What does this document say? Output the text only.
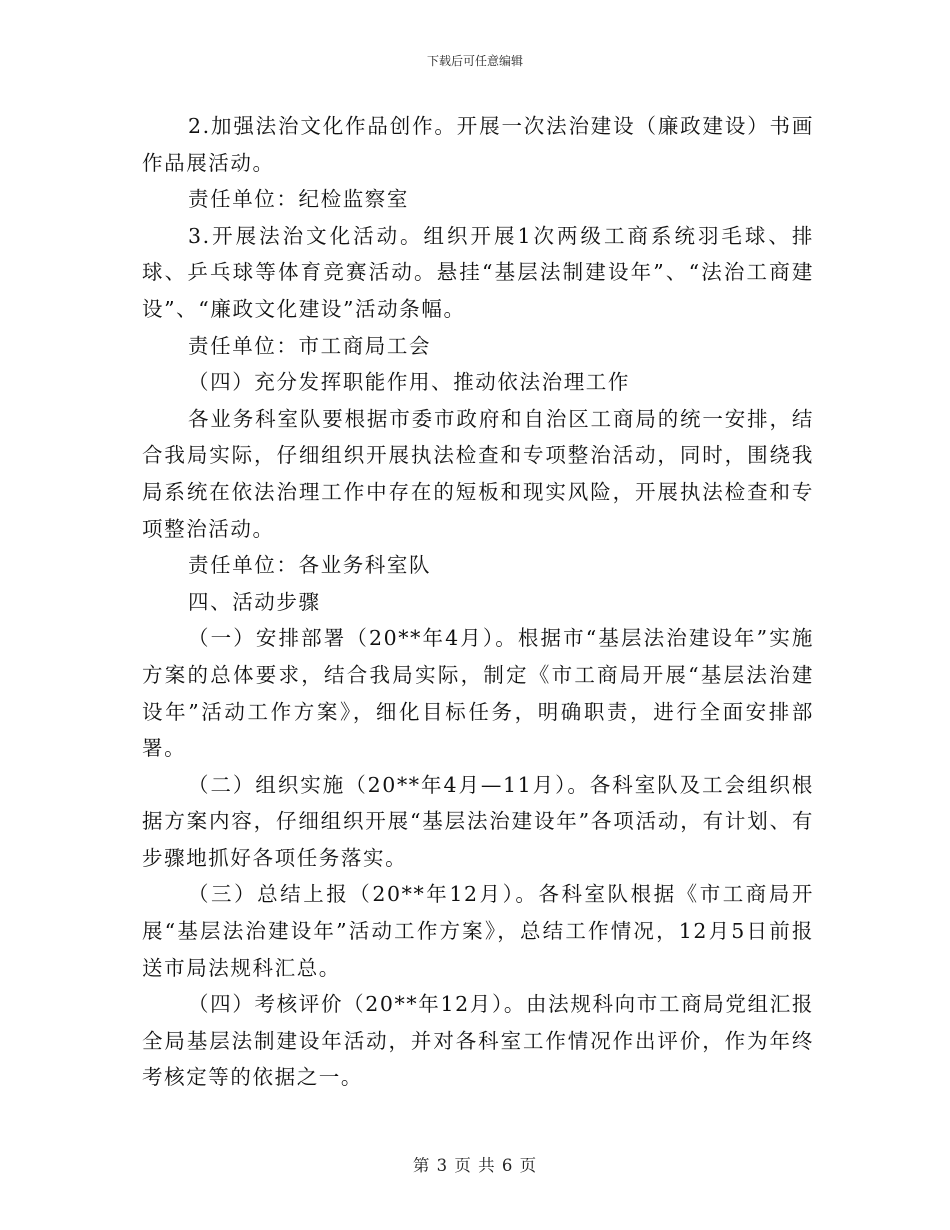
下载后可任意编辑

2.加强法治文化作品创作。开展一次法治建设（廉政建设）书画作品展活动。

责任单位：纪检监察室

3.开展法治文化活动。组织开展1次两级工商系统羽毛球、排球、乒乓球等体育竞赛活动。悬挂“基层法制建设年”、“法治工商建设”、“廉政文化建设”活动条幅。

责任单位：市工商局工会

（四）充分发挥职能作用、推动依法治理工作

各业务科室队要根据市委市政府和自治区工商局的统一安排，结合我局实际，仔细组织开展执法检查和专项整治活动，同时，围绕我局系统在依法治理工作中存在的短板和现实风险，开展执法检查和专项整治活动。

责任单位：各业务科室队

四、活动步骤

（一）安排部署（20**年4月）。根据市“基层法治建设年”实施方案的总体要求，结合我局实际，制定《市工商局开展“基层法治建设年”活动工作方案》，细化目标任务，明确职责，进行全面安排部署。

（二）组织实施（20**年4月—11月）。各科室队及工会组织根据方案内容，仔细组织开展“基层法治建设年”各项活动，有计划、有步骤地抓好各项任务落实。

（三）总结上报（20**年12月）。各科室队根据《市工商局开展“基层法治建设年”活动工作方案》，总结工作情况，12月5日前报送市局法规科汇总。

（四）考核评价（20**年12月）。由法规科向市工商局党组汇报全局基层法制建设年活动，并对各科室工作情况作出评价，作为年终考核定等的依据之一。

第 3 页 共 6 页
